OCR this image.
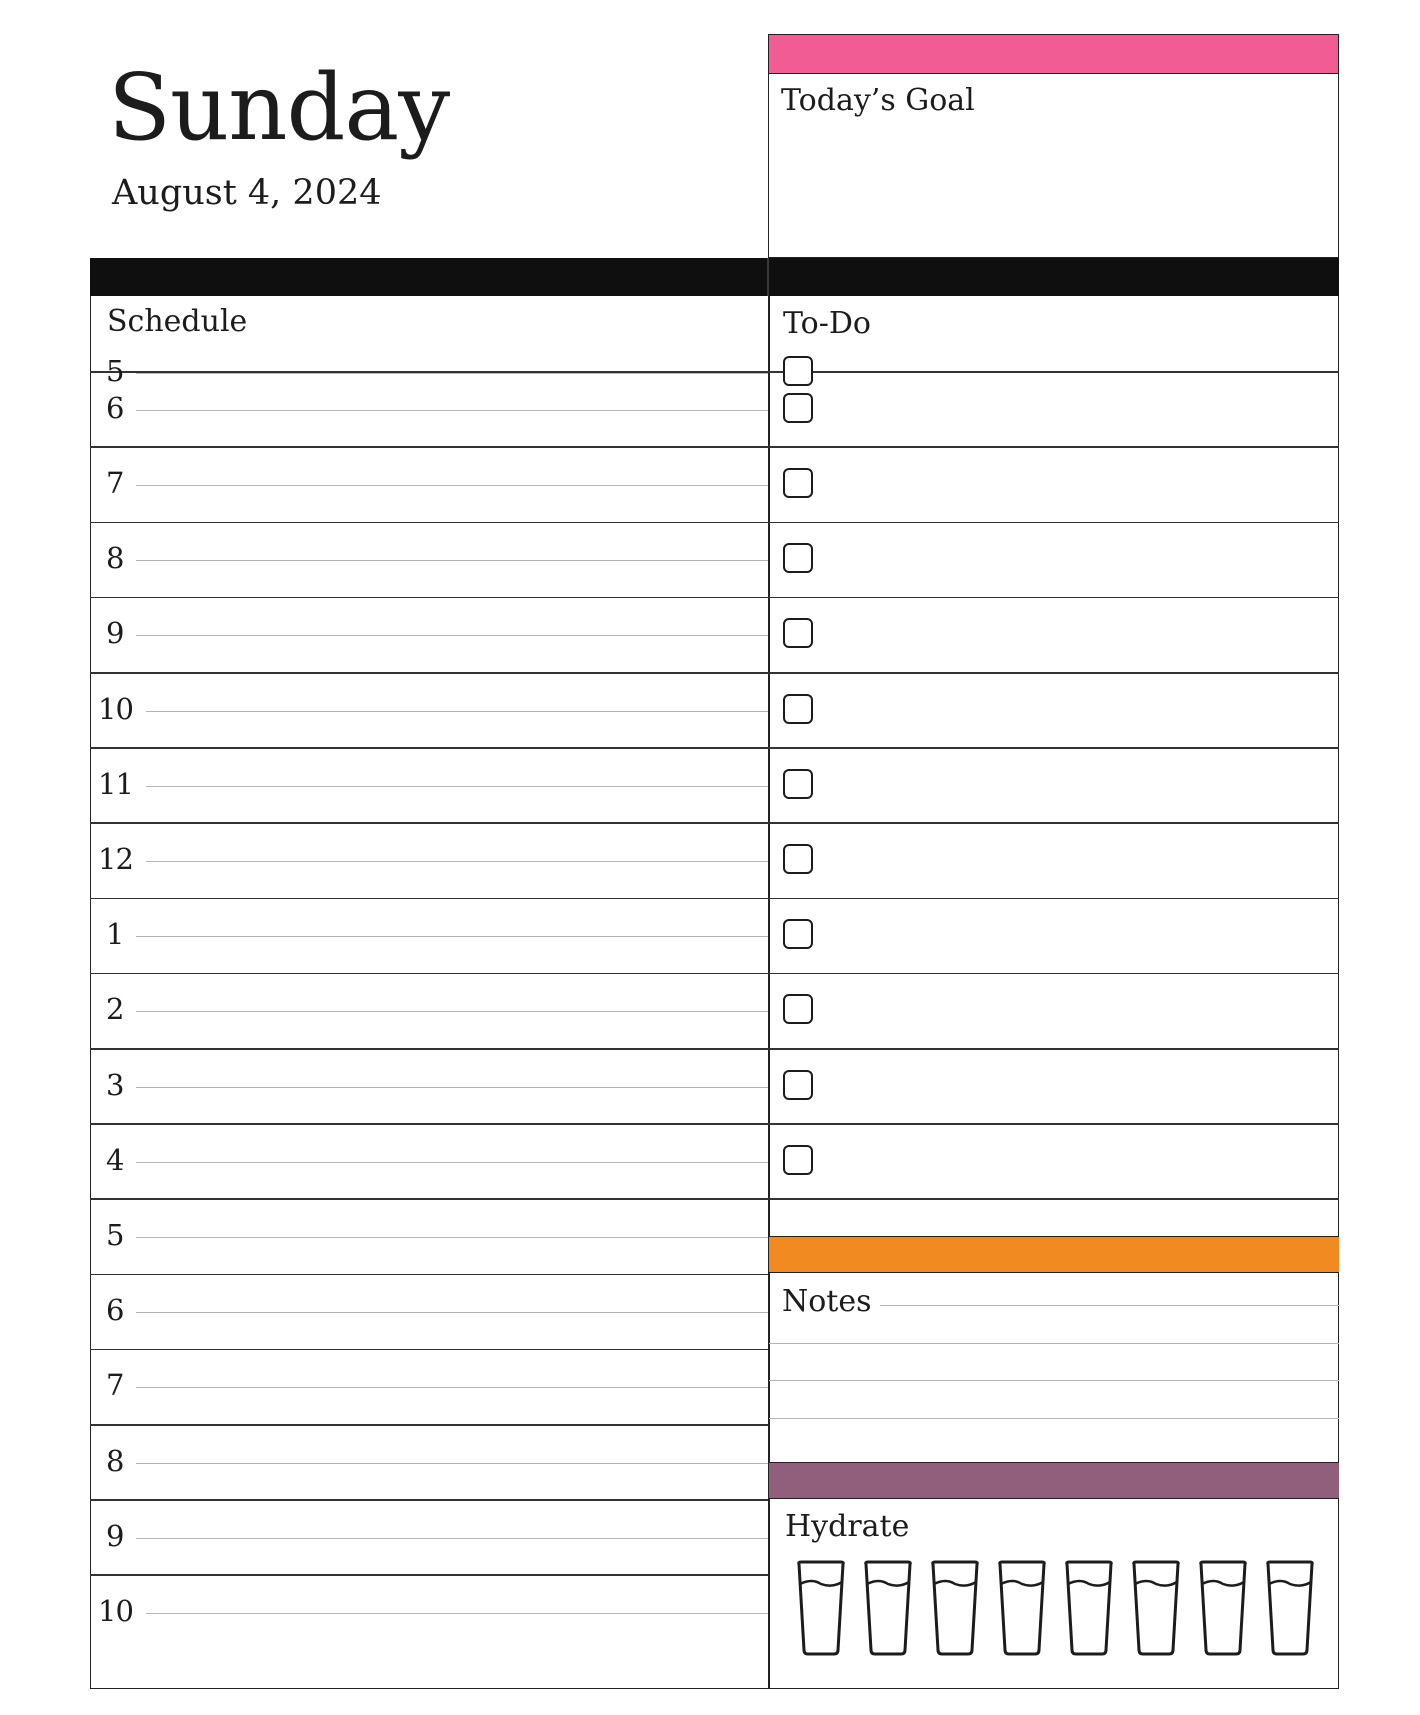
Sunday
August 4, 2024
Today’s Goal
Schedule	To-Do
5
6
7
8
9
10
11
12
1
2
3
4
5
6
7
8
9
10
Notes
Hydrate
